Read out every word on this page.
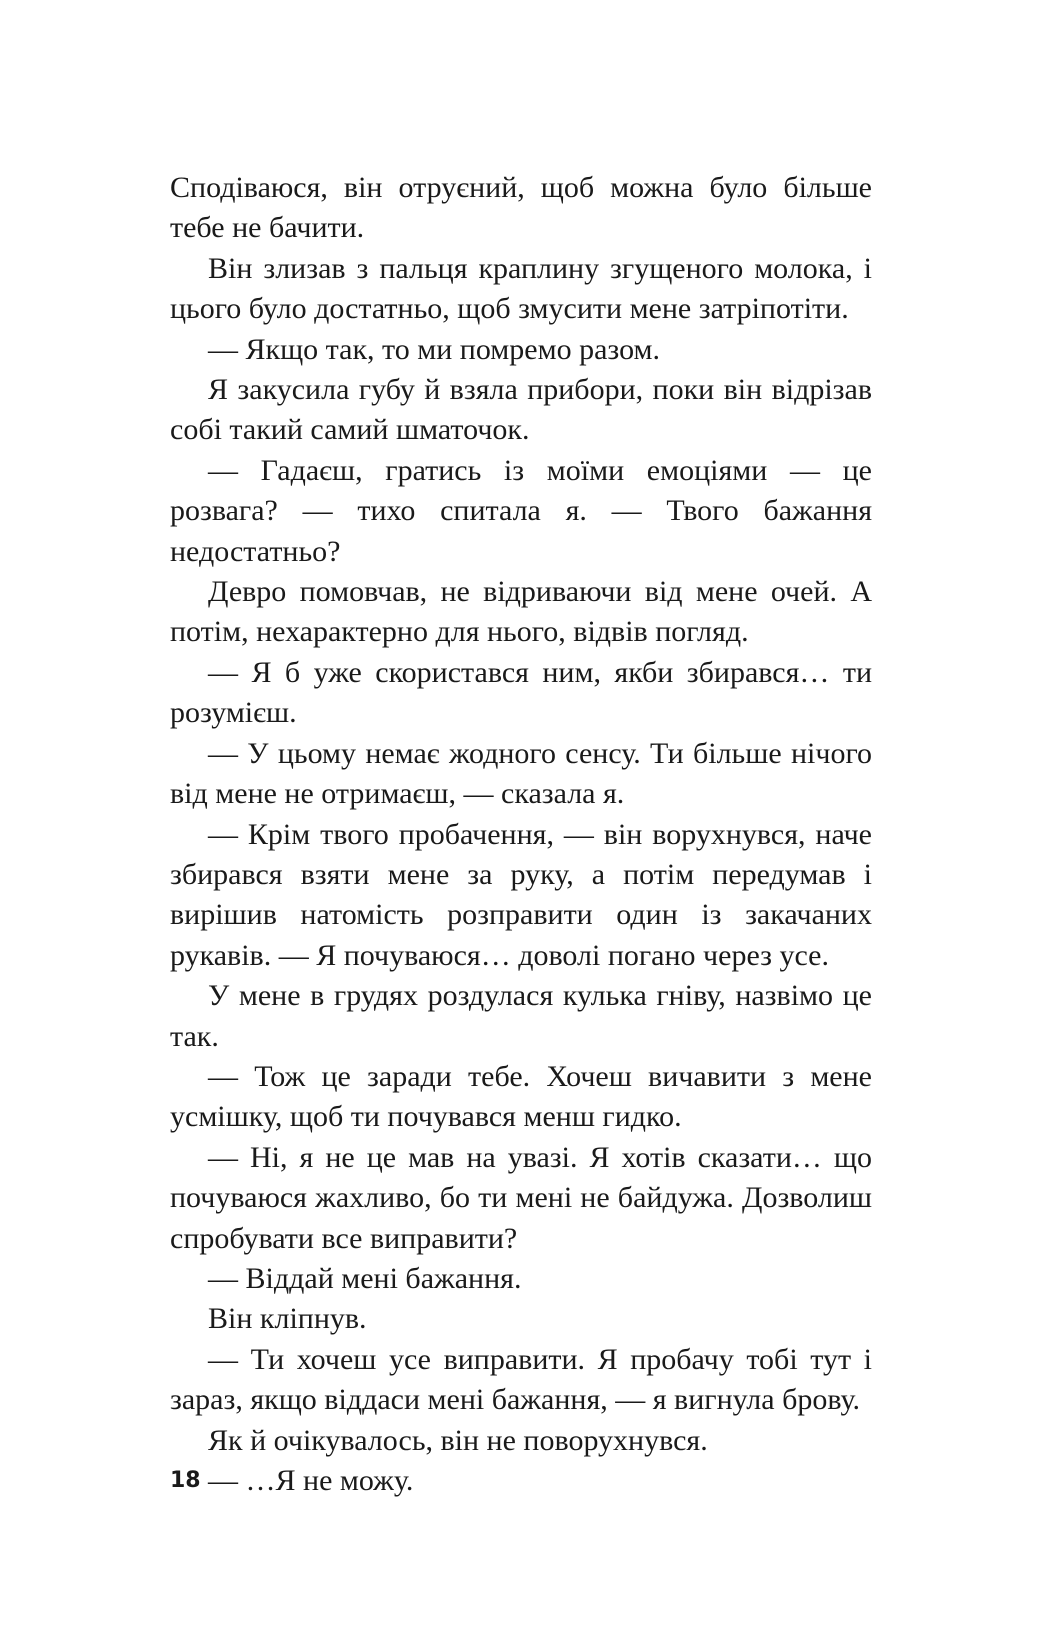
Сподіваюся, він отруєний, щоб можна було більше тебе не бачити.

Він злизав з пальця краплину згущеного молока, і цього було достатньо, щоб змусити мене затріпотіти.

— Якщо так, то ми помремо разом.

Я закусила губу й взяла прибори, поки він відрізав собі такий самий шматочок.

— Гадаєш, гратись із моїми емоціями — це розвага? — тихо спитала я. — Твого бажання недостатньо?

Девро помовчав, не відриваючи від мене очей. А потім, нехарактерно для нього, відвів погляд.

— Я б уже скористався ним, якби збирався… ти розумієш.

— У цьому немає жодного сенсу. Ти більше нічого від мене не отримаєш, — сказала я.

— Крім твого пробачення, — він ворухнувся, наче збирався взяти мене за руку, а потім передумав і вирішив натомість розправити один із закачаних рукавів. — Я почуваюся… доволі погано через усе.

У мене в грудях роздулася кулька гніву, назвімо це так.

— Тож це заради тебе. Хочеш вичавити з мене усмішку, щоб ти почувався менш гидко.

— Ні, я не це мав на увазі. Я хотів сказати… що почуваюся жахливо, бо ти мені не байдужа. Дозволиш спробувати все виправити?

— Віддай мені бажання.

Він кліпнув.

— Ти хочеш усе виправити. Я пробачу тобі тут і зараз, якщо віддаси мені бажання, — я вигнула брову.

Як й очікувалось, він не поворухнувся.

— …Я не можу.

18
